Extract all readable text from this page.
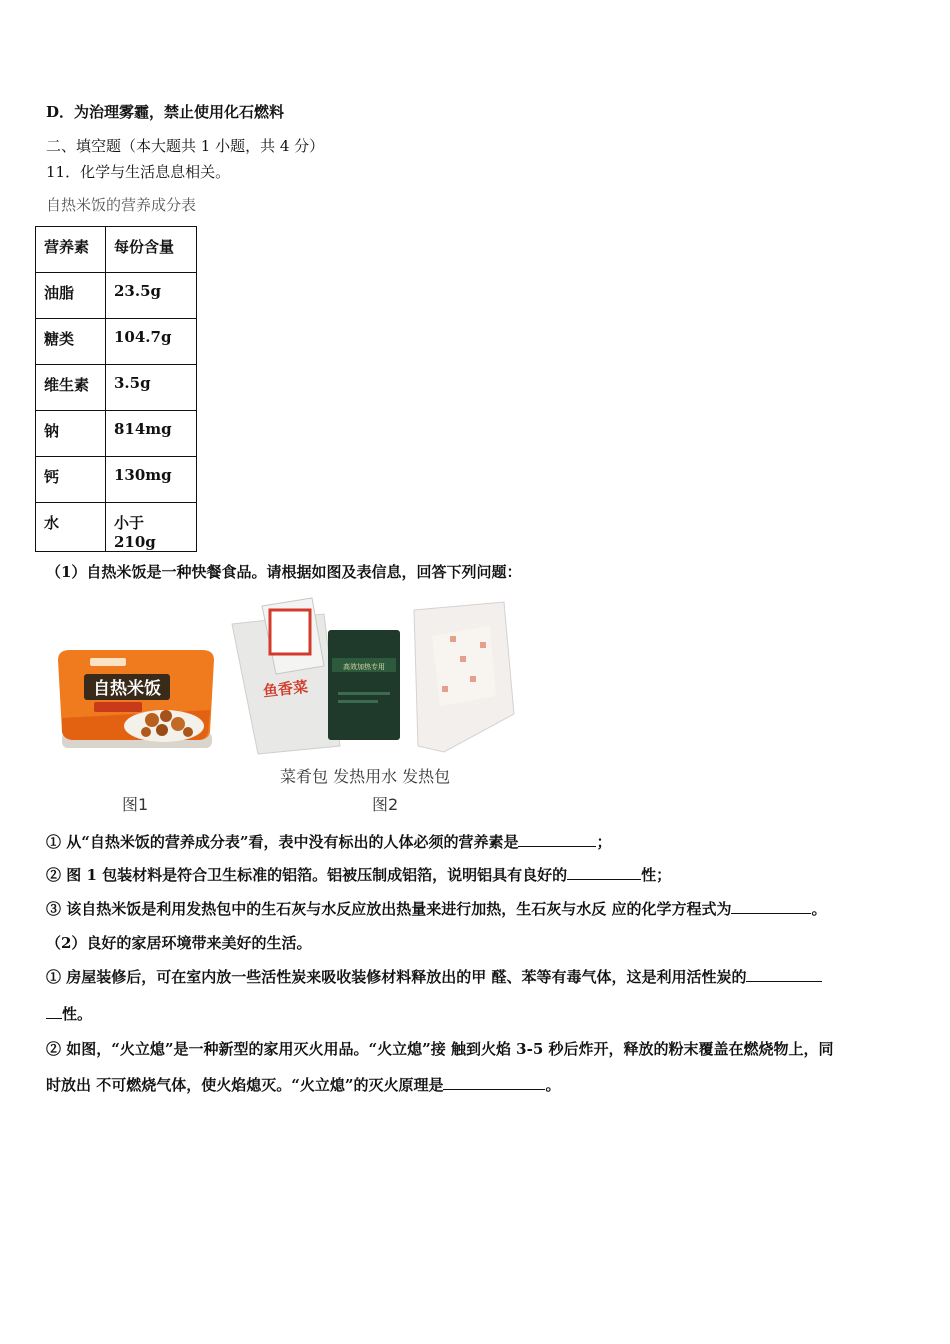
D．为治理雾霾，禁止使用化石燃料
二、填空题（本大题共 1 小题，共 4 分）
11．化学与生活息息相关。
自热米饭的营养成分表
营养素	每份含量
油脂	23.5g
糖类	104.7g
维生素	3.5g
钠	814mg
钙	130mg
水	小于 210g
（1）自热米饭是一种快餐食品。请根据如图及表信息，回答下列问题：
自热米饭
图1
鱼香菜
高效加热专用
菜肴包 发热用水 发热包
图2
① 从“自热米饭的营养成分表”看，表中没有标出的人体必须的营养素是	；
② 图 1 包装材料是符合卫生标准的铝箔。铝被压制成铝箔，说明铝具有良好的	性；
③ 该自热米饭是利用发热包中的生石灰与水反应放出热量来进行加热，生石灰与水反 应的化学方程式为	。
（2）良好的家居环境带来美好的生活。
① 房屋装修后，可在室内放一些活性炭来吸收装修材料释放出的甲 醛、苯等有毒气体，这是利用活性炭的
性。
② 如图，“火立熄”是一种新型的家用灭火用品。“火立熄”接 触到火焰 3-5 秒后炸开，释放的粉末覆盖在燃烧物上，同
时放出 不可燃烧气体，使火焰熄灭。“火立熄”的灭火原理是	。
